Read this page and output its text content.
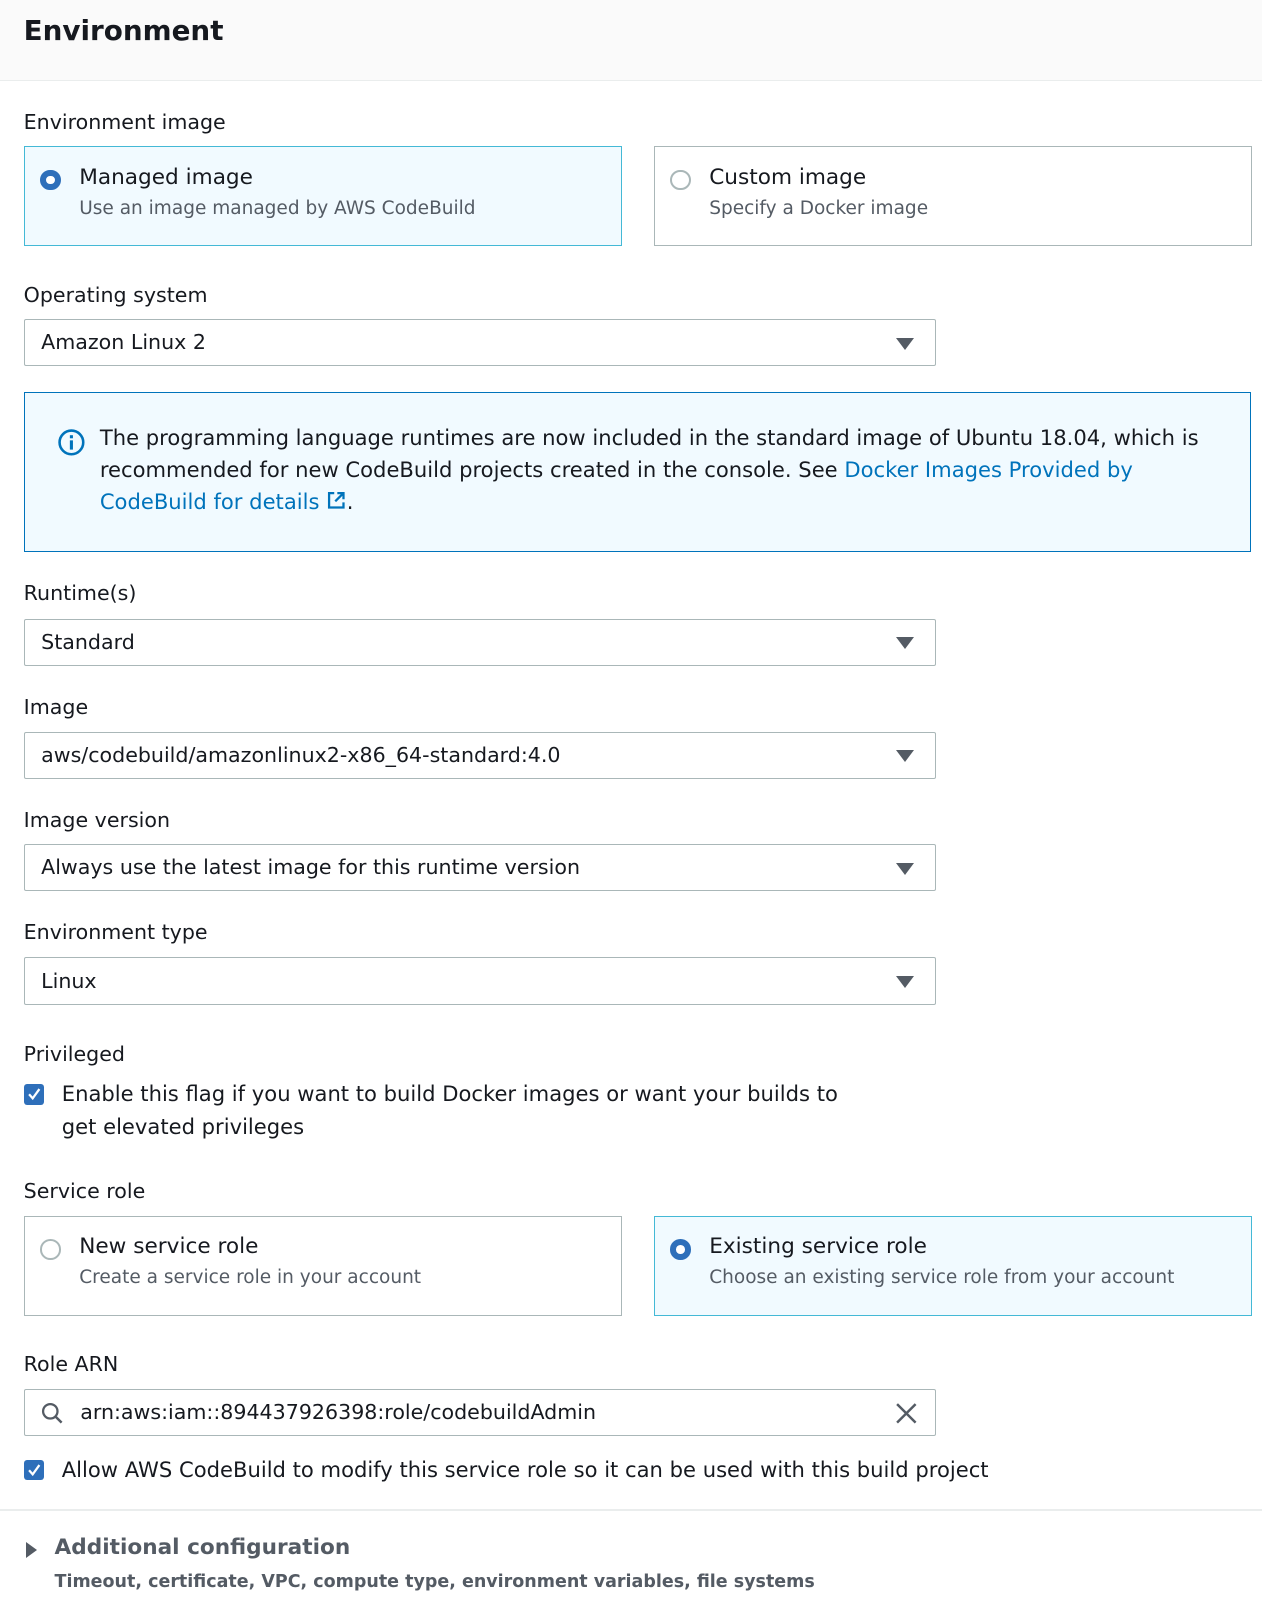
Environment
Environment image
Managed image
Use an image managed by AWS CodeBuild
Custom image
Specify a Docker image
Operating system
Amazon Linux 2
The programming language runtimes are now included in the standard image of Ubuntu 18.04, which is recommended for new CodeBuild projects created in the console. See Docker Images Provided by CodeBuild for details .
Runtime(s)
Standard
Image
aws/codebuild/amazonlinux2-x86_64-standard:4.0
Image version
Always use the latest image for this runtime version
Environment type
Linux
Privileged
Enable this flag if you want to build Docker images or want your builds to get elevated privileges
Service role
New service role
Create a service role in your account
Existing service role
Choose an existing service role from your account
Role ARN
arn:aws:iam::894437926398:role/codebuildAdmin
Allow AWS CodeBuild to modify this service role so it can be used with this build project
Additional configuration
Timeout, certificate, VPC, compute type, environment variables, file systems
